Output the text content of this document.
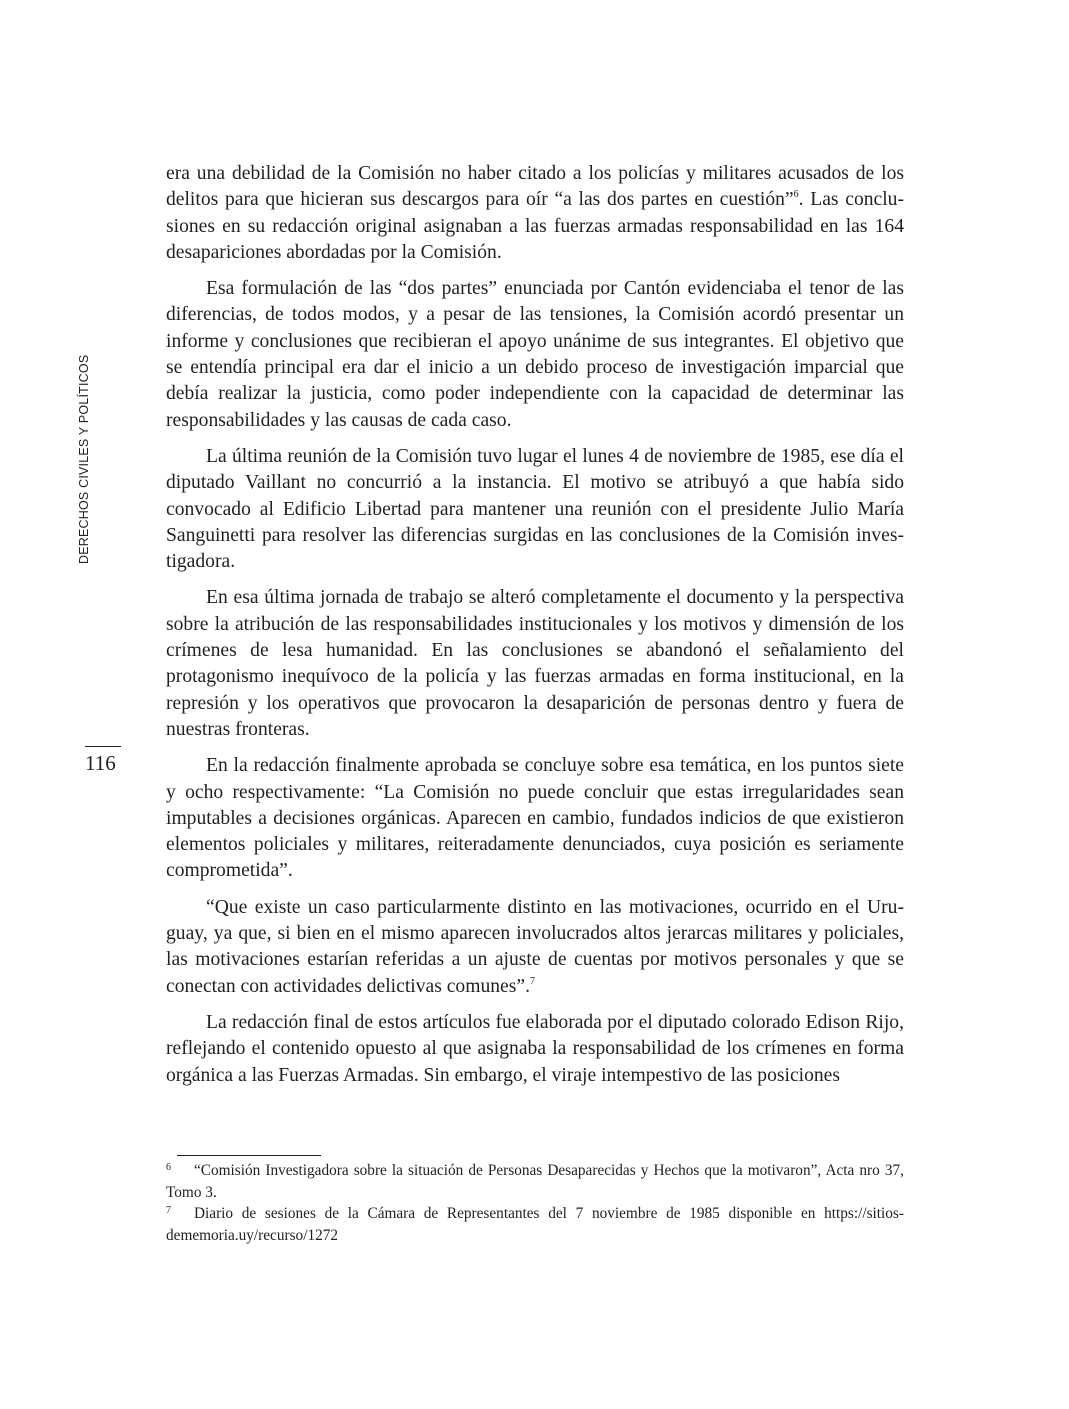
DERECHOS CIVILES Y POLÍTICOS
116

era una debilidad de la Comisión no haber citado a los policías y militares acusados de los delitos para que hicieran sus descargos para oír “a las dos partes en cuestión”$^6$. Las conclusiones en su redacción original asignaban a las fuerzas armadas responsabilidad en las 164 desapariciones abordadas por la Comisión.

Esa formulación de las “dos partes” enunciada por Cantón evidenciaba el tenor de las diferencias, de todos modos, y a pesar de las tensiones, la Comisión acordó presentar un informe y conclusiones que recibieran el apoyo unánime de sus integrantes. El objetivo que se entendía principal era dar el inicio a un debido proceso de investigación imparcial que debía realizar la justicia, como poder independiente con la capacidad de determinar las responsabilidades y las causas de cada caso.

La última reunión de la Comisión tuvo lugar el lunes 4 de noviembre de 1985, ese día el diputado Vaillant no concurrió a la instancia. El motivo se atribuyó a que había sido convocado al Edificio Libertad para mantener una reunión con el presidente Julio María Sanguinetti para resolver las diferencias surgidas en las conclusiones de la Comisión investigadora.

En esa última jornada de trabajo se alteró completamente el documento y la perspectiva sobre la atribución de las responsabilidades institucionales y los motivos y dimensión de los crímenes de lesa humanidad. En las conclusiones se abandonó el señalamiento del protagonismo inequívoco de la policía y las fuerzas armadas en forma institucional, en la represión y los operativos que provocaron la desaparición de personas dentro y fuera de nuestras fronteras.

En la redacción finalmente aprobada se concluye sobre esa temática, en los puntos siete y ocho respectivamente: “La Comisión no puede concluir que estas irregularidades sean imputables a decisiones orgánicas. Aparecen en cambio, fundados indicios de que existieron elementos policiales y militares, reiteradamente denunciados, cuya posición es seriamente comprometida”.

“Que existe un caso particularmente distinto en las motivaciones, ocurrido en el Uruguay, ya que, si bien en el mismo aparecen involucrados altos jerarcas militares y policiales, las motivaciones estarían referidas a un ajuste de cuentas por motivos personales y que se conectan con actividades delictivas comunes”.$^7$

La redacción final de estos artículos fue elaborada por el diputado colorado Edison Rijo, reflejando el contenido opuesto al que asignaba la responsabilidad de los crímenes en forma orgánica a las Fuerzas Armadas. Sin embargo, el viraje intempestivo de las posiciones

6 “Comisión Investigadora sobre la situación de Personas Desaparecidas y Hechos que la motivaron”, Acta nro 37, Tomo 3.

7 Diario de sesiones de la Cámara de Representantes del 7 noviembre de 1985 disponible en https://sitiosdememoria.uy/recurso/1272
